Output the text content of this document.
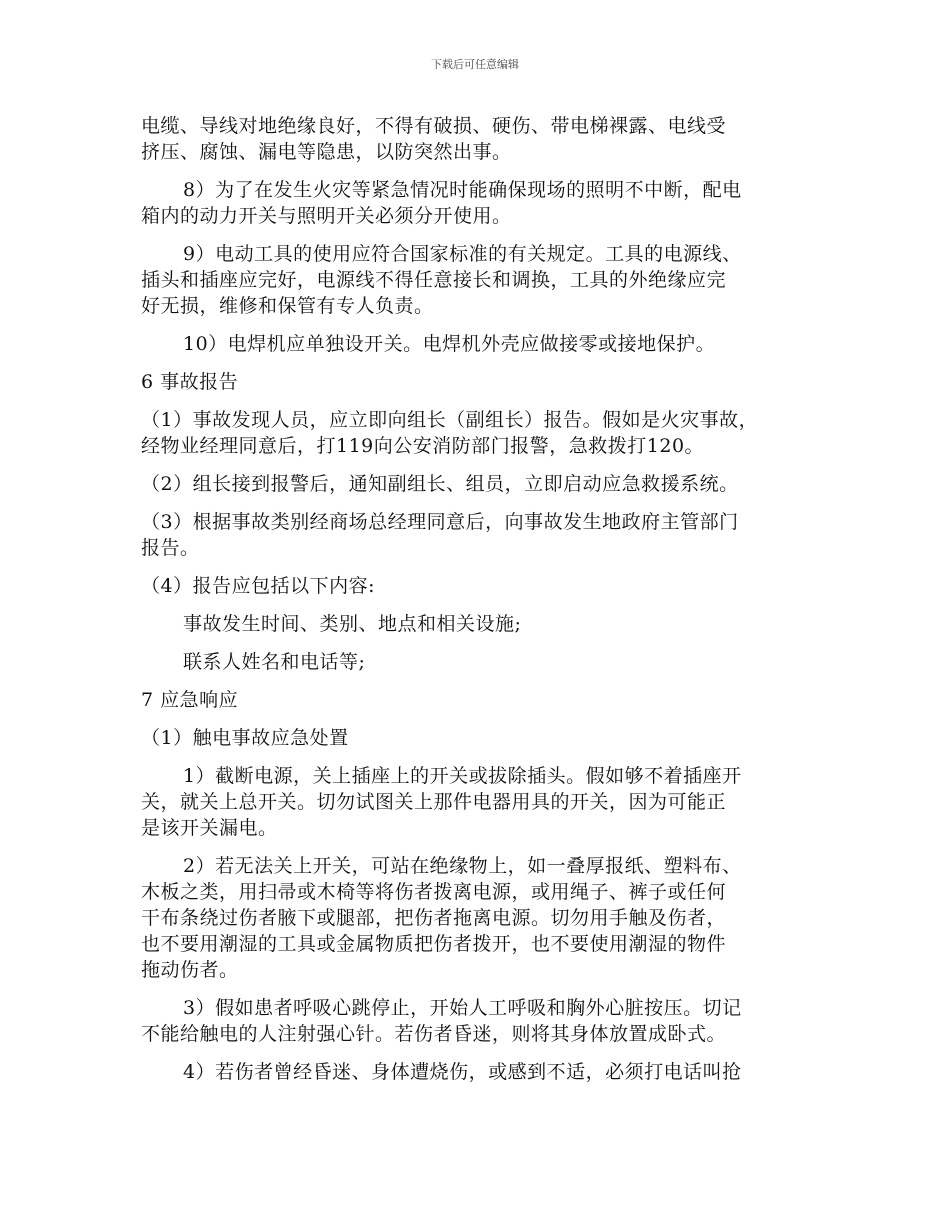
下载后可任意编辑

电缆、导线对地绝缘良好，不得有破损、硬伤、带电梯裸露、电线受
挤压、腐蚀、漏电等隐患，以防突然出事。

8）为了在发生火灾等紧急情况时能确保现场的照明不中断，配电
箱内的动力开关与照明开关必须分开使用。

9）电动工具的使用应符合国家标准的有关规定。工具的电源线、
插头和插座应完好，电源线不得任意接长和调换，工具的外绝缘应完
好无损，维修和保管有专人负责。

10）电焊机应单独设开关。电焊机外壳应做接零或接地保护。

6 事故报告

（1）事故发现人员，应立即向组长（副组长）报告。假如是火灾事故，
经物业经理同意后，打119向公安消防部门报警，急救拨打120。

（2）组长接到报警后，通知副组长、组员，立即启动应急救援系统。

（3）根据事故类别经商场总经理同意后，向事故发生地政府主管部门
报告。

（4）报告应包括以下内容:

事故发生时间、类别、地点和相关设施;

联系人姓名和电话等;

7 应急响应

（1）触电事故应急处置

1）截断电源，关上插座上的开关或拔除插头。假如够不着插座开
关，就关上总开关。切勿试图关上那件电器用具的开关，因为可能正
是该开关漏电。

2）若无法关上开关，可站在绝缘物上，如一叠厚报纸、塑料布、
木板之类，用扫帚或木椅等将伤者拨离电源，或用绳子、裤子或任何
干布条绕过伤者腋下或腿部，把伤者拖离电源。切勿用手触及伤者，
也不要用潮湿的工具或金属物质把伤者拨开，也不要使用潮湿的物件
拖动伤者。

3）假如患者呼吸心跳停止，开始人工呼吸和胸外心脏按压。切记
不能给触电的人注射强心针。若伤者昏迷，则将其身体放置成卧式。

4）若伤者曾经昏迷、身体遭烧伤，或感到不适，必须打电话叫抢
